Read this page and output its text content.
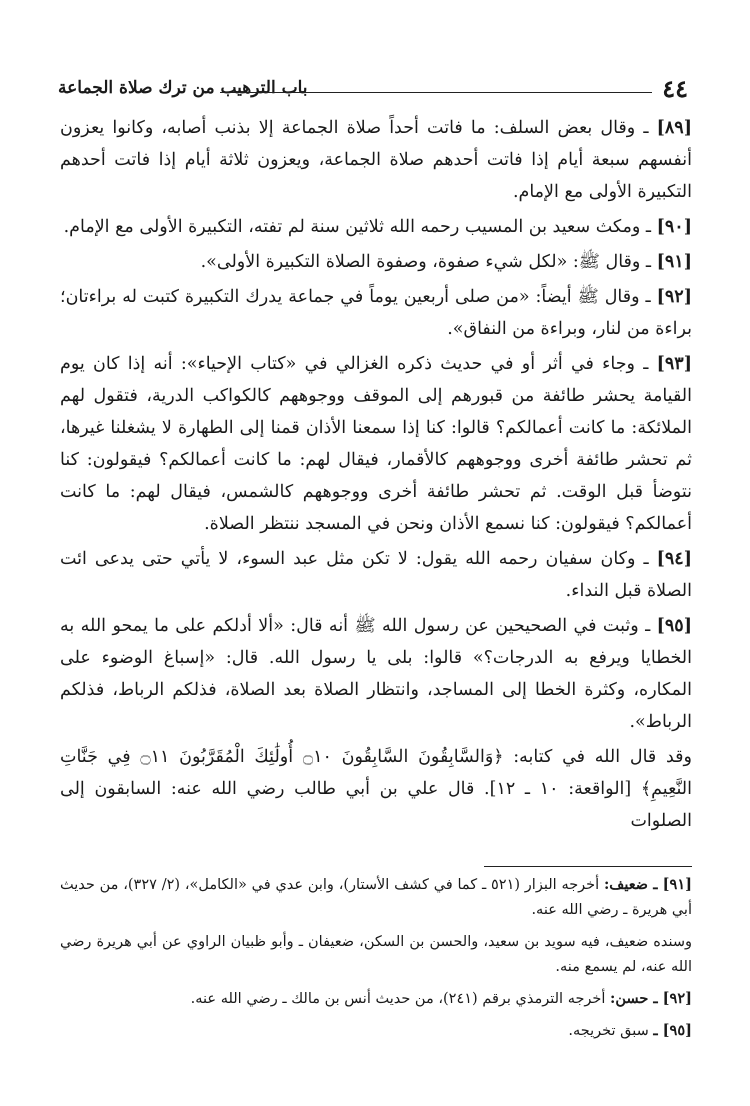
٤٤
باب الترهيب من ترك صلاة الجماعة

[٨٩] ـ وقال بعض السلف: ما فاتت أحداً صلاة الجماعة إلا بذنب أصابه، وكانوا يعزون أنفسهم سبعة أيام إذا فاتت أحدهم صلاة الجماعة، ويعزون ثلاثة أيام إذا فاتت أحدهم التكبيرة الأولى مع الإمام.

[٩٠] ـ ومكث سعيد بن المسيب رحمه الله ثلاثين سنة لم تفته، التكبيرة الأولى مع الإمام.

[٩١] ـ وقال ﷺ: «لكل شيء صفوة، وصفوة الصلاة التكبيرة الأولى».

[٩٢] ـ وقال ﷺ أيضاً: «من صلى أربعين يوماً في جماعة يدرك التكبيرة كتبت له براءتان؛ براءة من لنار، وبراءة من النفاق».

[٩٣] ـ وجاء في أثر أو في حديث ذكره الغزالي في «كتاب الإحياء»: أنه إذا كان يوم القيامة يحشر طائفة من قبورهم إلى الموقف ووجوههم كالكواكب الدرية، فتقول لهم الملائكة: ما كانت أعمالكم؟ قالوا: كنا إذا سمعنا الأذان قمنا إلى الطهارة لا يشغلنا غيرها، ثم تحشر طائفة أخرى ووجوههم كالأقمار، فيقال لهم: ما كانت أعمالكم؟ فيقولون: كنا نتوضأ قبل الوقت. ثم تحشر طائفة أخرى ووجوههم كالشمس، فيقال لهم: ما كانت أعمالكم؟ فيقولون: كنا نسمع الأذان ونحن في المسجد ننتظر الصلاة.

[٩٤] ـ وكان سفيان رحمه الله يقول: لا تكن مثل عبد السوء، لا يأتي حتى يدعى ائت الصلاة قبل النداء.

[٩٥] ـ وثبت في الصحيحين عن رسول الله ﷺ أنه قال: «ألا أدلكم على ما يمحو الله به الخطايا ويرفع به الدرجات؟» قالوا: بلى يا رسول الله. قال: «إسباغ الوضوء على المكاره، وكثرة الخطا إلى المساجد، وانتظار الصلاة بعد الصلاة، فذلكم الرباط، فذلكم الرباط».

وقد قال الله في كتابه: ﴿وَالسَّابِقُونَ السَّابِقُونَ ۝١٠ أُولَٰئِكَ الْمُقَرَّبُونَ ۝١١ فِي جَنَّاتِ النَّعِيمِ﴾ [الواقعة: ١٠ ـ ١٢]. قال علي بن أبي طالب رضي الله عنه: السابقون إلى الصلوات

[٩١] ـ ضعيف: أخرجه البزار (٥٢١ ـ كما في كشف الأستار)، وابن عدي في «الكامل»، (٢/ ٣٢٧)، من حديث أبي هريرة ـ رضي الله عنه.

وسنده ضعيف، فيه سويد بن سعيد، والحسن بن السكن، ضعيفان ـ وأبو ظبيان الراوي عن أبي هريرة رضي الله عنه، لم يسمع منه.

[٩٢] ـ حسن: أخرجه الترمذي برقم (٢٤١)، من حديث أنس بن مالك ـ رضي الله عنه.

[٩٥] ـ سبق تخريجه.
